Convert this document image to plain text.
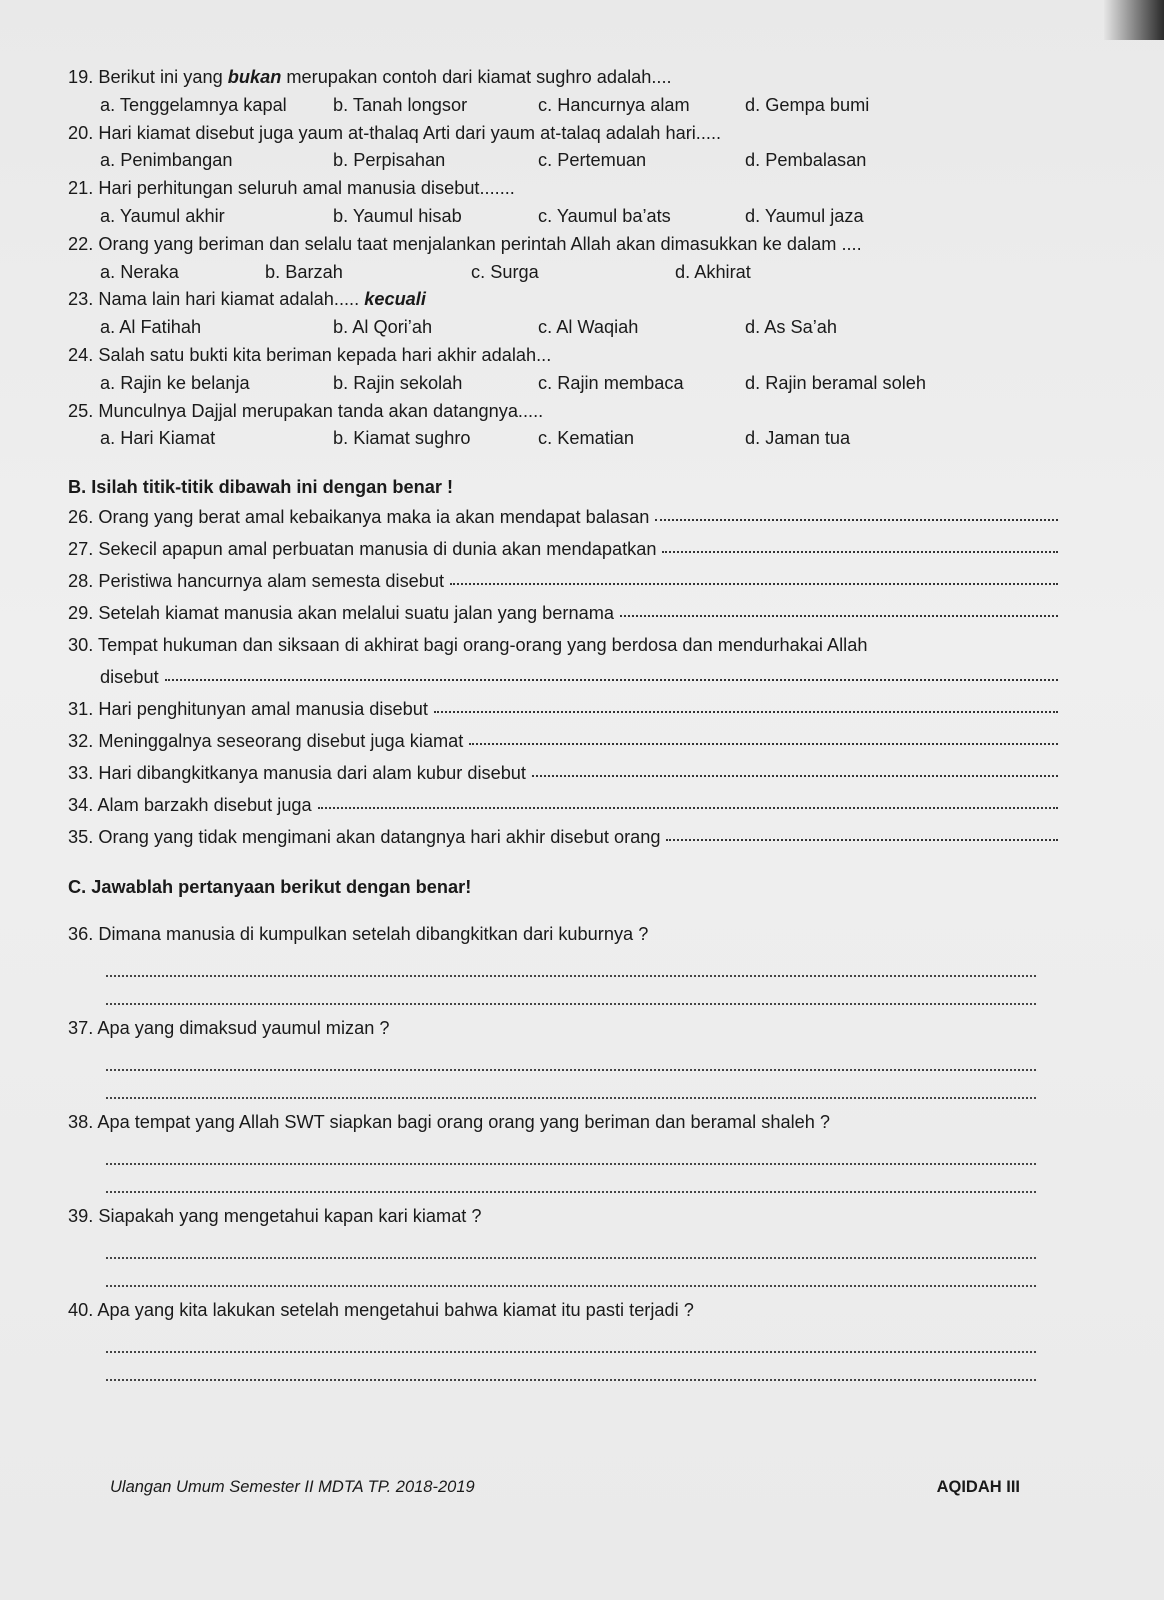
19. Berikut ini yang bukan merupakan contoh dari kiamat sughro adalah....
a. Tenggelamnya kapal	b. Tanah longsor	c. Hancurnya alam	d. Gempa bumi
20. Hari kiamat disebut juga yaum at-thalaq Arti dari yaum at-talaq adalah hari.....
a. Penimbangan	b. Perpisahan	c. Pertemuan	d. Pembalasan
21. Hari perhitungan seluruh amal manusia disebut.......
a. Yaumul akhir	b. Yaumul hisab	c. Yaumul ba’ats	d. Yaumul jaza
22. Orang yang beriman dan selalu taat menjalankan perintah Allah akan dimasukkan ke dalam ....
a. Neraka	b. Barzah	c. Surga	d. Akhirat
23. Nama lain hari kiamat adalah..... kecuali
a. Al Fatihah	b. Al Qori’ah	c. Al Waqiah	d. As Sa’ah
24. Salah satu bukti kita beriman kepada hari akhir adalah...
a. Rajin ke belanja	b. Rajin sekolah	c. Rajin membaca	d. Rajin beramal soleh
25. Munculnya Dajjal merupakan tanda akan datangnya.....
a. Hari Kiamat	b. Kiamat sughro	c. Kematian	d. Jaman tua
B. Isilah titik-titik dibawah ini dengan benar !
26. Orang yang berat amal kebaikanya maka ia akan mendapat balasan
27. Sekecil apapun amal perbuatan manusia di dunia akan mendapatkan
28. Peristiwa hancurnya alam semesta disebut
29. Setelah kiamat manusia akan melalui suatu jalan yang bernama
30. Tempat hukuman dan siksaan di akhirat bagi orang-orang yang berdosa dan mendurhakai Allah
disebut
31. Hari penghitunyan amal manusia disebut
32. Meninggalnya seseorang disebut juga kiamat
33. Hari dibangkitkanya manusia dari alam kubur disebut
34. Alam barzakh disebut juga
35. Orang yang tidak mengimani akan datangnya hari akhir disebut orang
C. Jawablah pertanyaan berikut dengan benar!
36. Dimana manusia di kumpulkan setelah dibangkitkan dari kuburnya ?
37. Apa yang dimaksud yaumul mizan ?
38. Apa tempat yang Allah SWT siapkan bagi orang orang yang beriman dan beramal shaleh ?
39. Siapakah yang mengetahui kapan kari kiamat ?
40. Apa yang kita lakukan setelah mengetahui bahwa kiamat itu pasti terjadi ?
Ulangan Umum Semester II MDTA TP. 2018-2019	AQIDAH III
